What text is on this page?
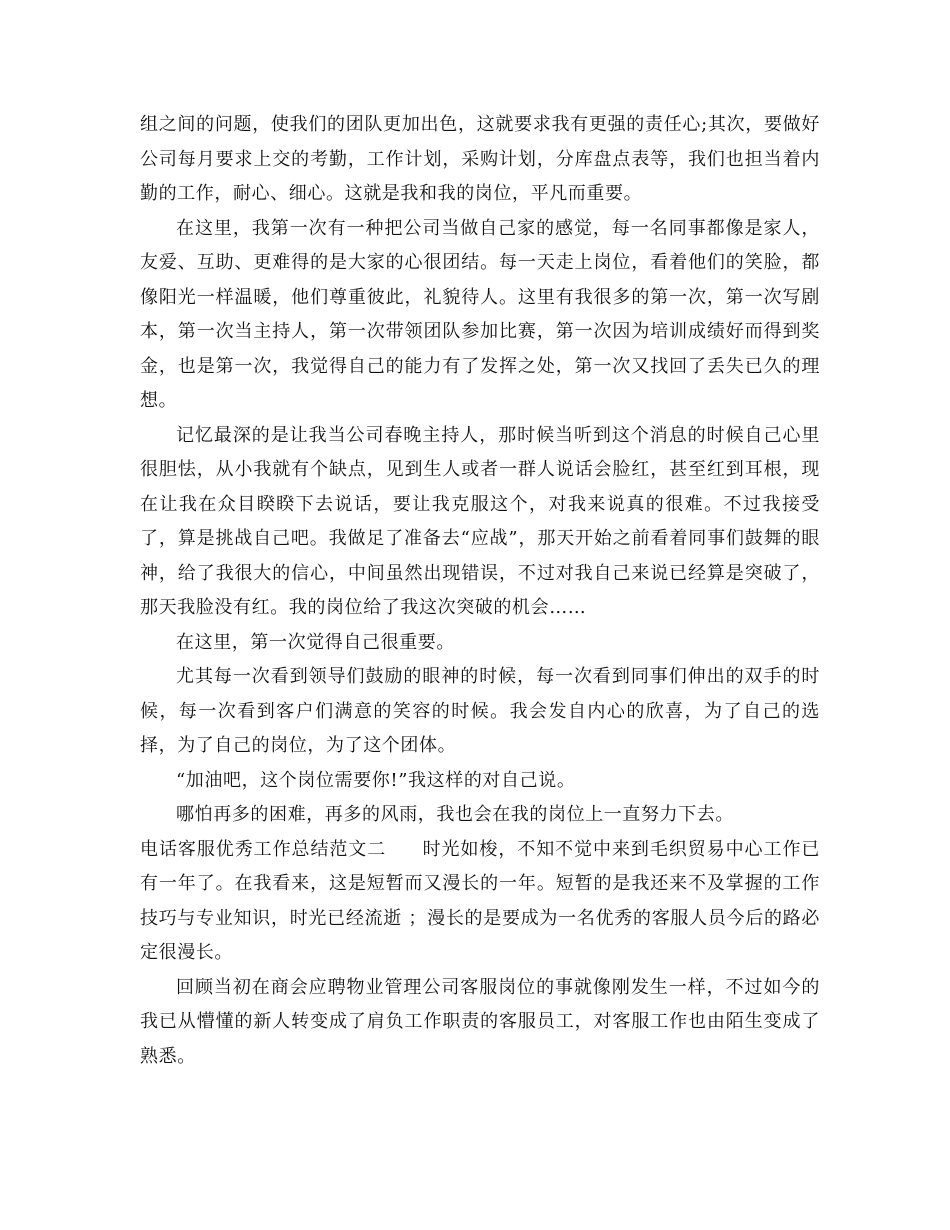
组之间的问题，使我们的团队更加出色，这就要求我有更强的责任心;其次，要做好公司每月要求上交的考勤，工作计划，采购计划，分库盘点表等，我们也担当着内勤的工作，耐心、细心。这就是我和我的岗位，平凡而重要。

在这里，我第一次有一种把公司当做自己家的感觉，每一名同事都像是家人，友爱、互助、更难得的是大家的心很团结。每一天走上岗位，看着他们的笑脸，都像阳光一样温暖，他们尊重彼此，礼貌待人。这里有我很多的第一次，第一次写剧本，第一次当主持人，第一次带领团队参加比赛，第一次因为培训成绩好而得到奖金，也是第一次，我觉得自己的能力有了发挥之处，第一次又找回了丢失已久的理想。

记忆最深的是让我当公司春晚主持人，那时候当听到这个消息的时候自己心里很胆怯，从小我就有个缺点，见到生人或者一群人说话会脸红，甚至红到耳根，现在让我在众目睽睽下去说话，要让我克服这个，对我来说真的很难。不过我接受了，算是挑战自己吧。我做足了准备去“应战”，那天开始之前看着同事们鼓舞的眼神，给了我很大的信心，中间虽然出现错误，不过对我自己来说已经算是突破了，那天我脸没有红。我的岗位给了我这次突破的机会……

在这里，第一次觉得自己很重要。

尤其每一次看到领导们鼓励的眼神的时候，每一次看到同事们伸出的双手的时候，每一次看到客户们满意的笑容的时候。我会发自内心的欣喜，为了自己的选择，为了自己的岗位，为了这个团体。

“加油吧，这个岗位需要你!”我这样的对自己说。

哪怕再多的困难，再多的风雨，我也会在我的岗位上一直努力下去。

电话客服优秀工作总结范文二 时光如梭，不知不觉中来到毛织贸易中心工作已有一年了。在我看来，这是短暂而又漫长的一年。短暂的是我还来不及掌握的工作技巧与专业知识，时光已经流逝 ；漫长的是要成为一名优秀的客服人员今后的路必定很漫长。

回顾当初在商会应聘物业管理公司客服岗位的事就像刚发生一样，不过如今的我已从懵懂的新人转变成了肩负工作职责的客服员工，对客服工作也由陌生变成了熟悉。
